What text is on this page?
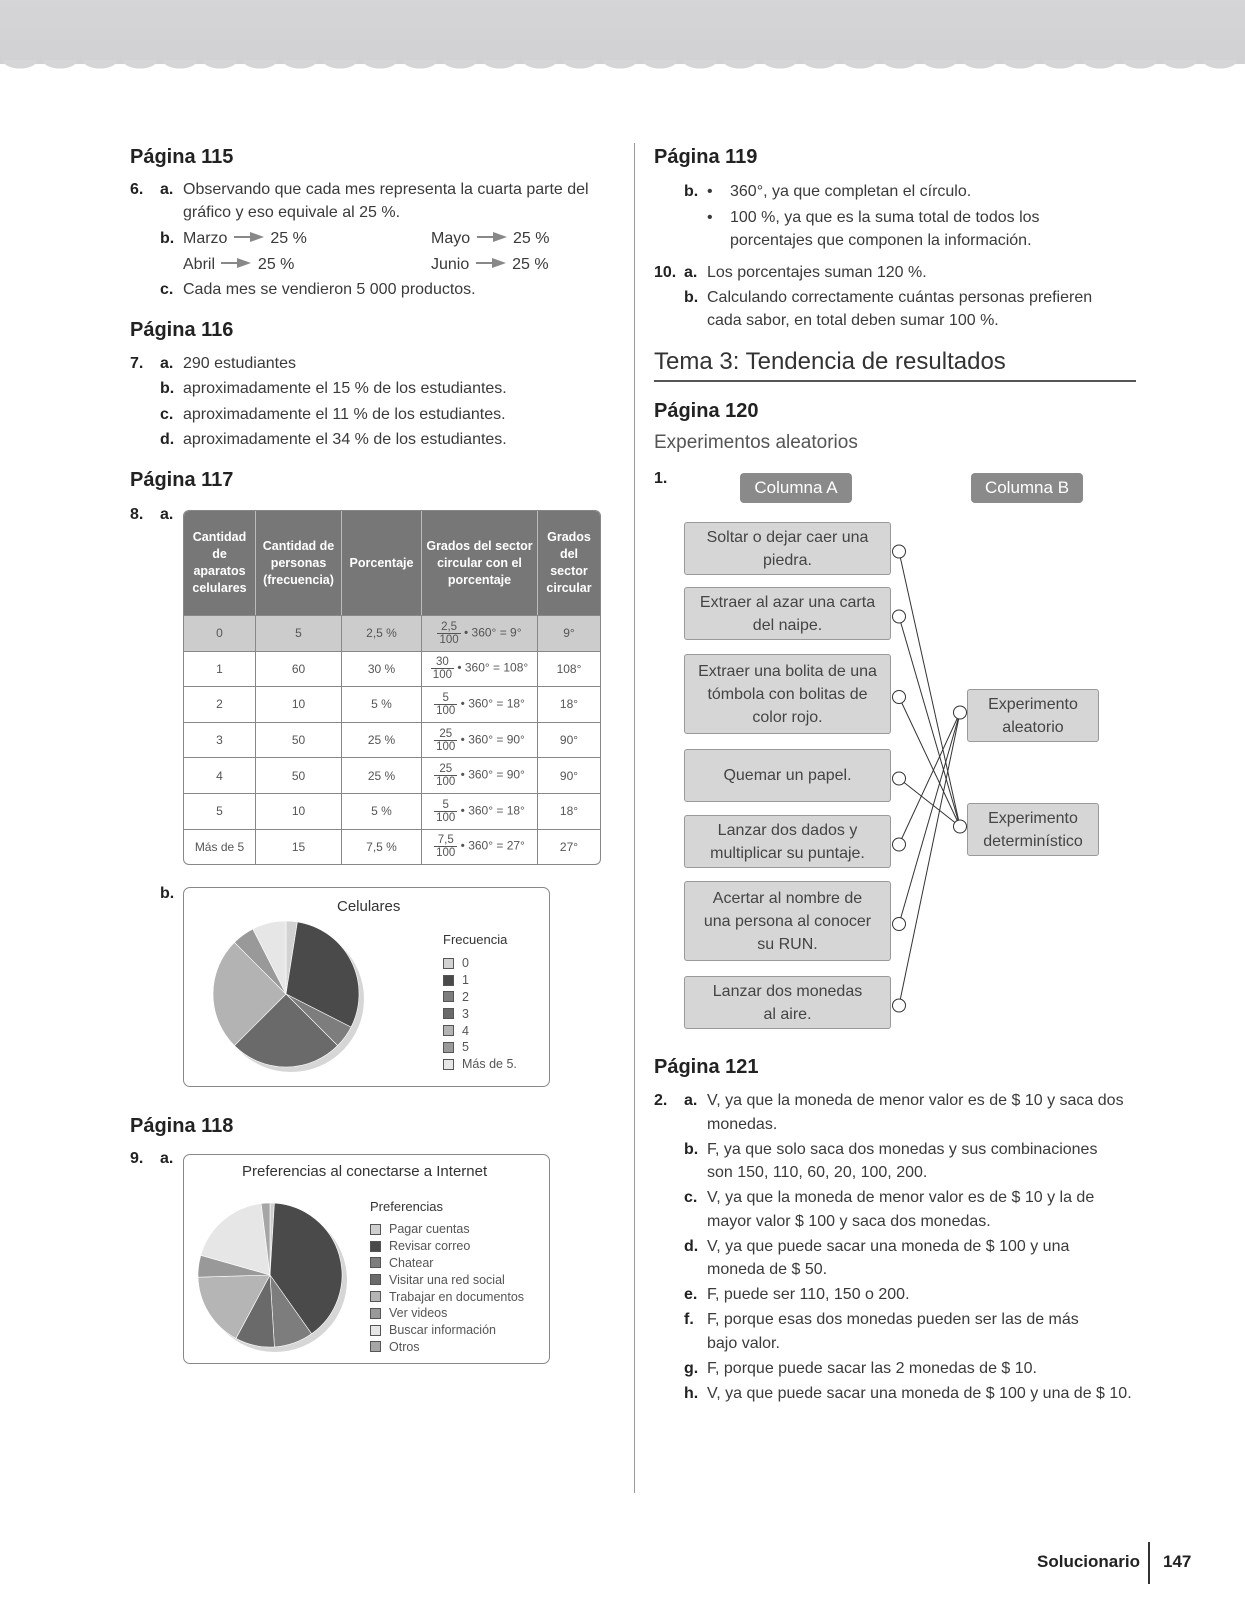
Página 115
6. a. Observando que cada mes representa la cuarta parte del
gráfico y eso equivale al 25 %.
b. Marzo	25 %	Mayo	25 %
Abril	25 %	Junio	25 %
c. Cada mes se vendieron 5 000 productos.
Página 116
7. a. 290 estudiantes
b. aproximadamente el 15 % de los estudiantes.
c. aproximadamente el 11 % de los estudiantes.
d. aproximadamente el 34 % de los estudiantes.
Página 117
8. a.
Cantidad de aparatos celulares	Cantidad de personas (frecuencia)	Porcentaje	Grados del sector circular con el porcentaje	Grados del sector circular
0	5	2,5 %	$\frac{2,5}{100}$ • 360° = 9°	9°
1	60	30 %	$\frac{30}{100}$ • 360° = 108°	108°
2	10	5 %	$\frac{5}{100}$ • 360° = 18°	18°
3	50	25 %	$\frac{25}{100}$ • 360° = 90°	90°
4	50	25 %	$\frac{25}{100}$ • 360° = 90°	90°
5	10	5 %	$\frac{5}{100}$ • 360° = 18°	18°
Más de 5	15	7,5 %	$\frac{7,5}{100}$ • 360° = 27°	27°
b.
Celulares
Frecuencia
0
1
2
3
4
5
Más de 5.
Página 118
9. a.
Preferencias al conectarse a Internet
Preferencias
Pagar cuentas
Revisar correo
Chatear
Visitar una red social
Trabajar en documentos
Ver videos
Buscar información
Otros
Página 119
b. • 360°, ya que completan el círculo.
• 100 %, ya que es la suma total de todos los
porcentajes que componen la información.
10. a. Los porcentajes suman 120 %.
b. Calculando correctamente cuántas personas prefieren
cada sabor, en total deben sumar 100 %.
Tema 3: Tendencia de resultados
Página 120
Experimentos aleatorios
1.	Columna A	Columna B
Soltar o dejar caer una
piedra.
Extraer al azar una carta
del naipe.
Extraer una bolita de una
tómbola con bolitas de
color rojo.
Quemar un papel.
Lanzar dos dados y
multiplicar su puntaje.
Acertar al nombre de
una persona al conocer
su RUN.
Lanzar dos monedas
al aire.
Experimento
aleatorio
Experimento
determinístico
Página 121
2. a. V, ya que la moneda de menor valor es de $ 10 y saca dos
monedas.
b. F, ya que solo saca dos monedas y sus combinaciones
son 150, 110, 60, 20, 100, 200.
c. V, ya que la moneda de menor valor es de $ 10 y la de
mayor valor $ 100 y saca dos monedas.
d. V, ya que puede sacar una moneda de $ 100 y una
moneda de $ 50.
e. F, puede ser 110, 150 o 200.
f. F, porque esas dos monedas pueden ser las de más
bajo valor.
g. F, porque puede sacar las 2 monedas de $ 10.
h. V, ya que puede sacar una moneda de $ 100 y una de $ 10.
Solucionario 147
